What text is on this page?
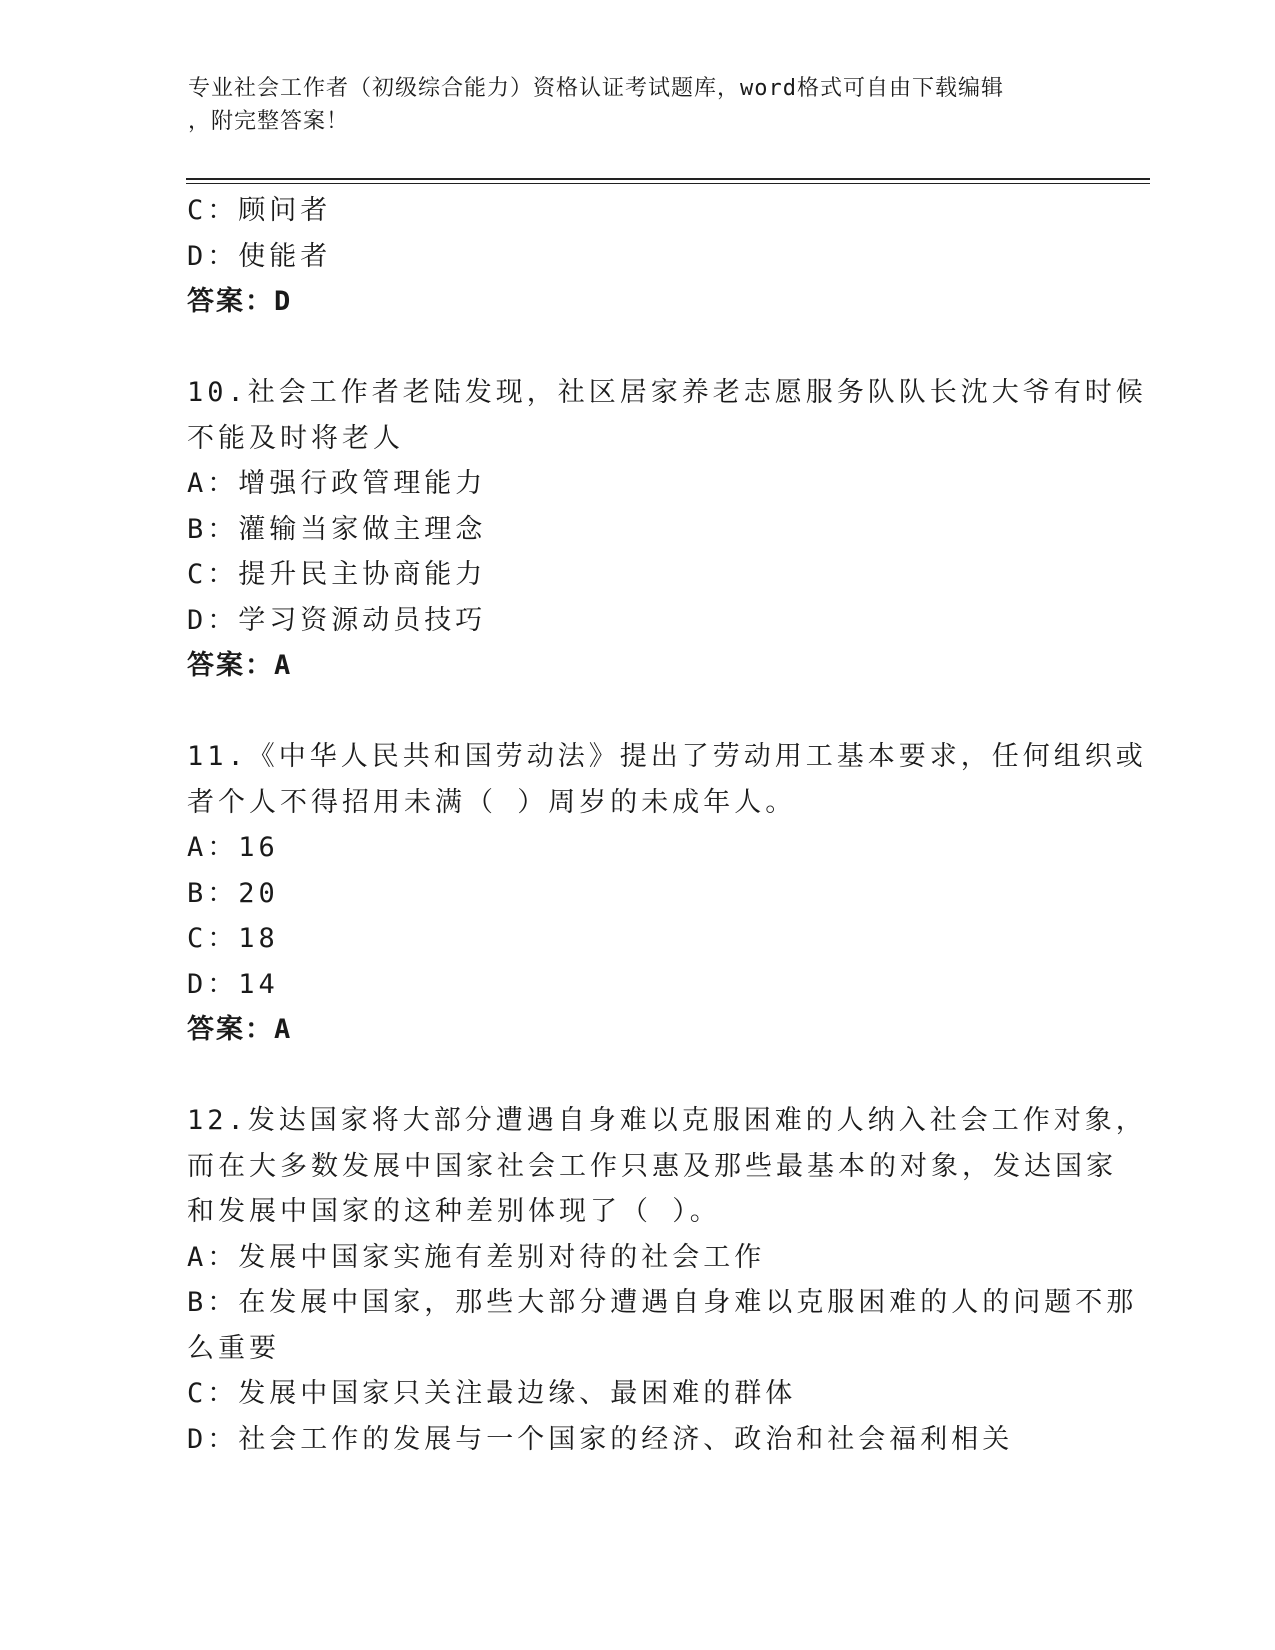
专业社会工作者（初级综合能力）资格认证考试题库，word格式可自由下载编辑
，附完整答案！
C：顾问者
D：使能者
答案：D
10.社会工作者老陆发现，社区居家养老志愿服务队队长沈大爷有时候
不能及时将老人
A：增强行政管理能力
B：灌输当家做主理念
C：提升民主协商能力
D：学习资源动员技巧
答案：A
11.《中华人民共和国劳动法》提出了劳动用工基本要求，任何组织或
者个人不得招用未满（ ）周岁的未成年人。
A：16
B：20
C：18
D：14
答案：A
12.发达国家将大部分遭遇自身难以克服困难的人纳入社会工作对象，
而在大多数发展中国家社会工作只惠及那些最基本的对象，发达国家
和发展中国家的这种差别体现了（ ）。
A：发展中国家实施有差别对待的社会工作
B：在发展中国家，那些大部分遭遇自身难以克服困难的人的问题不那
么重要
C：发展中国家只关注最边缘、最困难的群体
D：社会工作的发展与一个国家的经济、政治和社会福利相关
